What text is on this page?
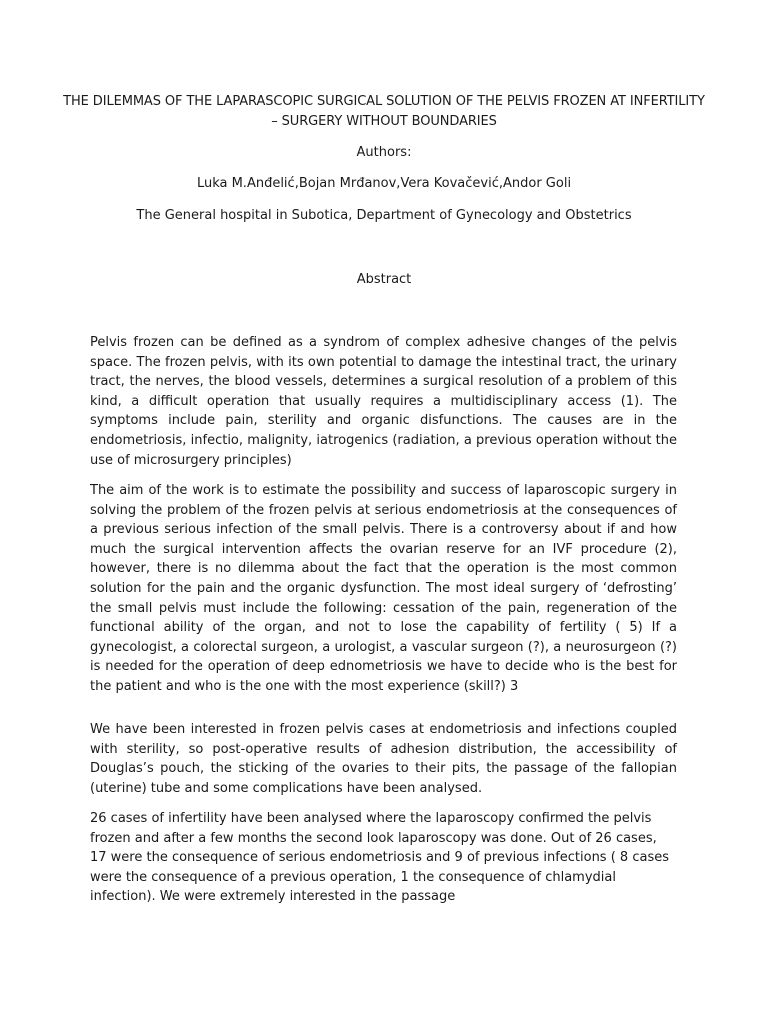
THE DILEMMAS OF THE LAPARASCOPIC SURGICAL SOLUTION OF THE PELVIS FROZEN AT INFERTILITY – SURGERY WITHOUT BOUNDARIES
Authors:
Luka M.Anđelić,Bojan Mrđanov,Vera Kovačević,Andor Goli
The General hospital in Subotica, Department of Gynecology and Obstetrics
Abstract

Pelvis frozen can be defined as a syndrom of complex adhesive changes of the pelvis space. The frozen pelvis, with its own potential to damage the intestinal tract, the urinary tract, the nerves, the blood vessels, determines a surgical resolution of a problem of this kind, a difficult operation that usually requires a multidisciplinary access (1). The symptoms include pain, sterility and organic disfunctions. The causes are in the endometriosis, infectio, malignity, iatrogenics (radiation, a previous operation without the use of microsurgery principles)

The aim of the work is to estimate the possibility and success of laparoscopic surgery in solving the problem of the frozen pelvis at serious endometriosis at the consequences of a previous serious infection of the small pelvis. There is a controversy about if and how much the surgical intervention affects the ovarian reserve for an IVF procedure (2), however, there is no dilemma about the fact that the operation is the most common solution for the pain and the organic dysfunction. The most ideal surgery of ‘defrosting’ the small pelvis must include the following: cessation of the pain, regeneration of the functional ability of the organ, and not to lose the capability of fertility ( 5) If a gynecologist, a colorectal surgeon, a urologist, a vascular surgeon (?), a neurosurgeon (?) is needed for the operation of deep ednometriosis we have to decide who is the best for the patient and who is the one with the most experience (skill?) 3

We have been interested in frozen pelvis cases at endometriosis and infections coupled with sterility, so post-operative results of adhesion distribution, the accessibility of Douglas’s pouch, the sticking of the ovaries to their pits, the passage of the fallopian (uterine) tube and some complications have been analysed.

26 cases of infertility have been analysed where the laparoscopy confirmed the pelvis frozen and after a few months the second look laparoscopy was done. Out of 26 cases, 17 were the consequence of serious endometriosis and 9 of previous infections ( 8 cases were the consequence of a previous operation, 1 the consequence of chlamydial infection). We were extremely interested in the passage
